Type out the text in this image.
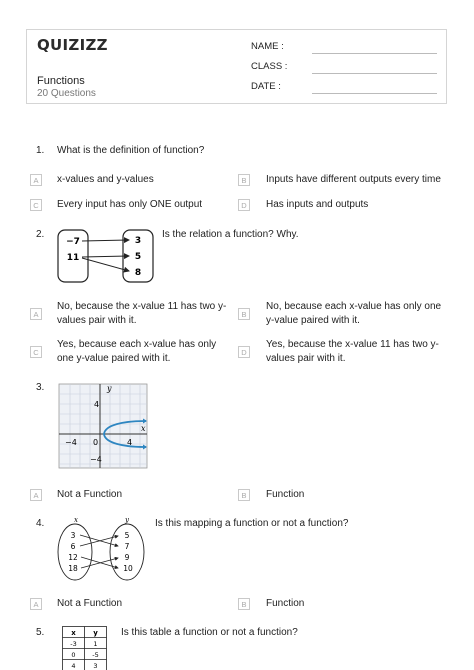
QUIZIZZ
Functions
20 Questions
NAME :
CLASS :
DATE :
1. What is the definition of function?
A	x-values and y-values	B	Inputs have different outputs every time
C	Every input has only ONE output	D	Has inputs and outputs
2.	Is the relation a function? Why.
−7
11
3
5
8
A
No, because the x-value 11 has two y-values pair with it.
B
No, because each x-value has only one y-value paired with it.
C
Yes, because each x-value has only one y-value paired with it.
D
Yes, because the x-value 11 has two y-values pair with it.
3.	y
x
−4 0	4
4
−4
A	Not a Function	B	Function
4.	Is this mapping a function or not a function?
x	y
3
6
12
18
5
7
9
10
A	Not a Function	B	Function
5.	Is this table a function or not a function?
x y
-3	1
0	-5
4	3
